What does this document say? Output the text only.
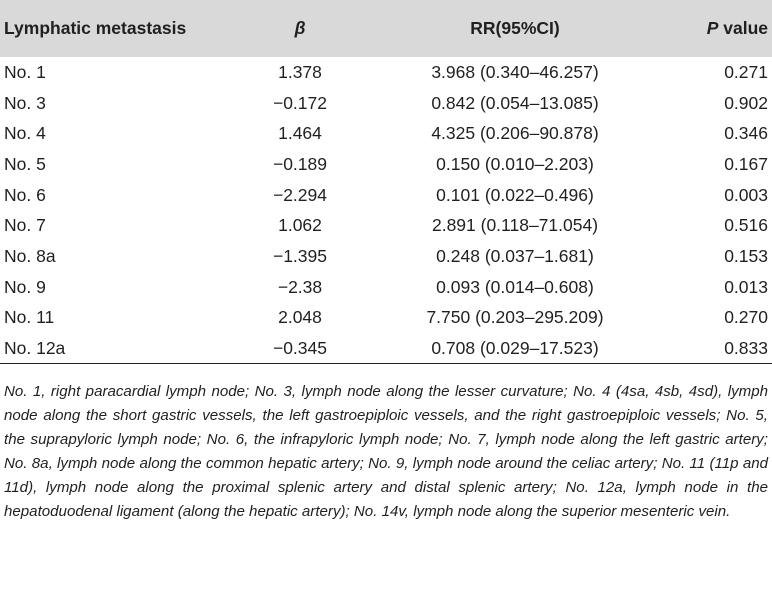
Lymphatic metastasis	β	RR(95%CI)	P value
No. 1	1.378	3.968 (0.340–46.257)	0.271
No. 3	−0.172	0.842 (0.054–13.085)	0.902
No. 4	1.464	4.325 (0.206–90.878)	0.346
No. 5	−0.189	0.150 (0.010–2.203)	0.167
No. 6	−2.294	0.101 (0.022–0.496)	0.003
No. 7	1.062	2.891 (0.118–71.054)	0.516
No. 8a	−1.395	0.248 (0.037–1.681)	0.153
No. 9	−2.38	0.093 (0.014–0.608)	0.013
No. 11	2.048	7.750 (0.203–295.209)	0.270
No. 12a	−0.345	0.708 (0.029–17.523)	0.833
No. 1, right paracardial lymph node; No. 3, lymph node along the lesser curvature; No. 4 (4sa, 4sb, 4sd), lymph node along the short gastric vessels, the left gastroepiploic vessels, and the right gastroepiploic vessels; No. 5, the suprapyloric lymph node; No. 6, the infrapyloric lymph node; No. 7, lymph node along the left gastric artery; No. 8a, lymph node along the common hepatic artery; No. 9, lymph node around the celiac artery; No. 11 (11p and 11d), lymph node along the proximal splenic artery and distal splenic artery; No. 12a, lymph node in the hepatoduodenal ligament (along the hepatic artery); No. 14v, lymph node along the superior mesenteric vein.
